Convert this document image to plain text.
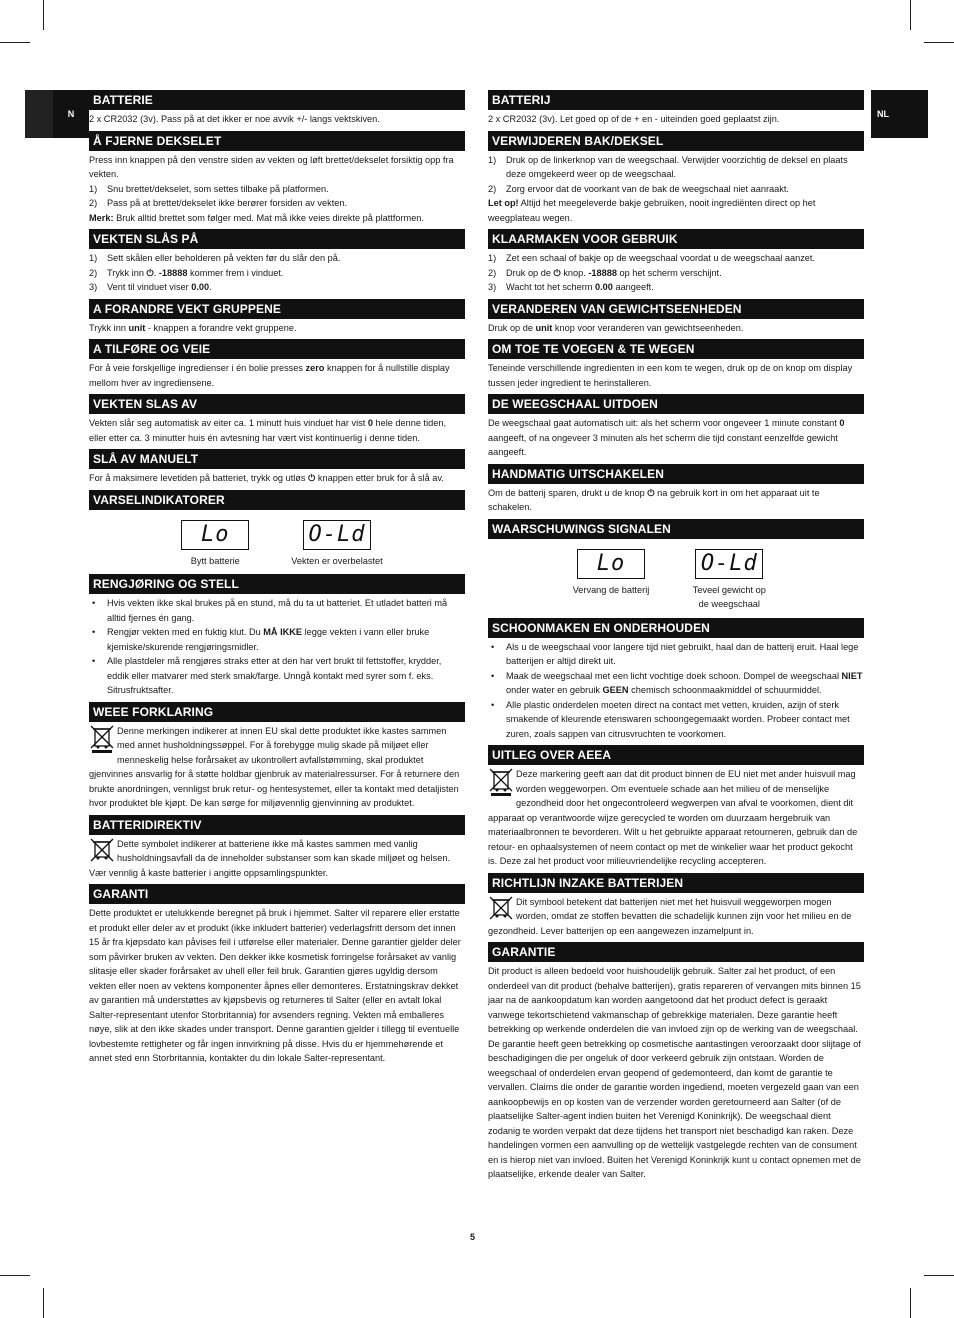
N	NL
BATTERIE

2 x CR2032 (3v). Pass på at det ikker er noe avvik +/- langs vektskiven.

Å FJERNE DEKSELET

Press inn knappen på den venstre siden av vekten og løft brettet/dekselet forsiktig opp fra vekten.

1) Snu brettet/dekselet, som settes tilbake på platformen.
2) Pass på at brettet/dekselet ikke berører forsiden av vekten.

Merk: Bruk alltid brettet som følger med. Mat må ikke veies direkte på plattformen.

VEKTEN SLÅS PÅ
1) Sett skålen eller beholderen på vekten før du slår den på.
2) Trykk inn ⏻. -18888 kommer frem i vinduet.
3) Vent til vinduet viser 0.00.
A FORANDRE VEKT GRUPPENE

Trykk inn unit - knappen a forandre vekt gruppene.

A TILFØRE OG VEIE

For å veie forskjellige ingredienser i én bolie presses zero knappen for å nullstille display mellom hver av ingrediensene.

VEKTEN SLAS AV

Vekten slår seg automatisk av eiter ca. 1 minutt huis vinduet har vist 0 hele denne tiden, eller etter ca. 3 minutter huis én avtesning har vært vist kontinuerlig i denne tiden.

SLÅ AV MANUELT

For å maksimere levetiden på batteriet, trykk og utløs ⏻ knappen etter bruk for å slå av.

VARSELINDIKATORER
Lo
Bytt batterie
O-Ld
Vekten er overbelastet
RENGJØRING OG STELL
• Hvis vekten ikke skal brukes på en stund, må du ta ut batteriet. Et utladet batteri må alltid fjernes én gang.
• Rengjør vekten med en fuktig klut. Du MÅ IKKE legge vekten i vann eller bruke kjemiske/skurende rengjøringsmidler.
• Alle plastdeler må rengjøres straks etter at den har vert brukt til fettstoffer, krydder, eddik eller matvarer med sterk smak/farge. Unngå kontakt med syrer som f. eks. Sitrusfruktsafter.
WEEE FORKLARING

Denne merkingen indikerer at innen EU skal dette produktet ikke kastes sammen med annet husholdningssøppel. For å forebygge mulig skade på miljøet eller menneskelig helse forårsaket av ukontrollert avfallstømming, skal produktet gjenvinnes ansvarlig for å støtte holdbar gjenbruk av materialressurser. For å returnere den brukte anordningen, vennligst bruk retur- og hentesystemet, eller ta kontakt med detaljisten hvor produktet ble kjøpt. De kan sørge for miljøvennlig gjenvinning av produktet.

BATTERIDIREKTIV

Dette symbolet indikerer at batteriene ikke må kastes sammen med vanlig husholdningsavfall da de inneholder substanser som kan skade miljøet og helsen. Vær vennlig å kaste batterier i angitte oppsamlingspunkter.

GARANTI

Dette produktet er utelukkende beregnet på bruk i hjemmet. Salter vil reparere eller erstatte et produkt eller deler av et produkt (ikke inkludert batterier) vederlagsfritt dersom det innen 15 år fra kjøpsdato kan påvises feil i utførelse eller materialer. Denne garantier gjelder deler som påvirker bruken av vekten. Den dekker ikke kosmetisk forringelse forårsaket av vanlig slitasje eller skader forårsaket av uhell eller feil bruk. Garantien gjøres ugyldig dersom vekten eller noen av vektens komponenter åpnes eller demonteres. Erstatningskrav dekket av garantien må understøttes av kjøpsbevis og returneres til Salter (eller en avtalt lokal Salter-representant utenfor Storbritannia) for avsenders regning. Vekten må emballeres nøye, slik at den ikke skades under transport. Denne garantien gjelder i tillegg til eventuelle lovbestemte rettigheter og får ingen innvirkning på disse. Hvis du er hjemmehørende et annet sted enn Storbritannia, kontakter du din lokale Salter-representant.

BATTERIJ

2 x CR2032 (3v). Let goed op of de + en - uiteinden goed geplaatst zijn.

VERWIJDEREN BAK/DEKSEL
1) Druk op de linkerknop van de weegschaal. Verwijder voorzichtig de deksel en plaats deze omgekeerd weer op de weegschaal.
2) Zorg ervoor dat de voorkant van de bak de weegschaal niet aanraakt.

Let op! Altijd het meegeleverde bakje gebruiken, nooit ingrediënten direct op het weegplateau wegen.

KLAARMAKEN VOOR GEBRUIK
1) Zet een schaal of bakje op de weegschaal voordat u de weegschaal aanzet.
2) Druk op de ⏻ knop. -18888 op het scherm verschijnt.
3) Wacht tot het scherm 0.00 aangeeft.
VERANDEREN VAN GEWICHTSEENHEDEN

Druk op de unit knop voor veranderen van gewichtseenheden.

OM TOE TE VOEGEN & TE WEGEN

Teneinde verschillende ingredienten in een kom te wegen, druk op de on knop om display tussen jeder ingredient te herinstalleren.

DE WEEGSCHAAL UITDOEN

De weegschaal gaat automatisch uit: als het scherm voor ongeveer 1 minute constant 0 aangeeft, of na ongeveer 3 minuten als het scherm die tijd constant eenzelfde gewicht aangeeft.

HANDMATIG UITSCHAKELEN

Om de batterij sparen, drukt u de knop ⏻ na gebruik kort in om het apparaat uit te schakelen.

WAARSCHUWINGS SIGNALEN
Lo
Vervang de batterij
O-Ld
Teveel gewicht op de weegschaal
SCHOONMAKEN EN ONDERHOUDEN
• Als u de weegschaal voor langere tijd niet gebruikt, haal dan de batterij eruit. Haal lege batterijen er altijd direkt uit.
• Maak de weegschaal met een licht vochtige doek schoon. Dompel de weegschaal NIET onder water en gebruik GEEN chemisch schoonmaakmiddel of schuurmiddel.
• Alle plastic onderdelen moeten direct na contact met vetten, kruiden, azijn of sterk smakende of kleurende etenswaren schoongegemaakt worden. Probeer contact met zuren, zoals sappen van citrusvruchten te voorkomen.
UITLEG OVER AEEA

Deze markering geeft aan dat dit product binnen de EU niet met ander huisvuil mag worden weggeworpen. Om eventuele schade aan het milieu of de menselijke gezondheid door het ongecontroleerd wegwerpen van afval te voorkomen, dient dit apparaat op verantwoorde wijze gerecycled te worden om duurzaam hergebruik van materiaalbronnen te bevorderen. Wilt u het gebruikte apparaat retourneren, gebruik dan de retour- en ophaalsystemen of neem contact op met de winkelier waar het product gekocht is. Deze zal het product voor milieuvriendelijke recycling accepteren.

RICHTLIJN INZAKE BATTERIJEN

Dit symbool betekent dat batterijen niet met het huisvuil weggeworpen mogen worden, omdat ze stoffen bevatten die schadelijk kunnen zijn voor het milieu en de gezondheid. Lever batterijen op een aangewezen inzamelpunt in.

GARANTIE

Dit product is alleen bedoeld voor huishoudelijk gebruik. Salter zal het product, of een onderdeel van dit product (behalve batterijen), gratis repareren of vervangen mits binnen 15 jaar na de aankoopdatum kan worden aangetoond dat het product defect is geraakt vanwege tekortschietend vakmanschap of gebrekkige materialen. Deze garantie heeft betrekking op werkende onderdelen die van invloed zijn op de werking van de weegschaal. De garantie heeft geen betrekking op cosmetische aantastingen veroorzaakt door slijtage of beschadigingen die per ongeluk of door verkeerd gebruik zijn ontstaan. Worden de weegschaal of onderdelen ervan geopend of gedemonteerd, dan komt de garantie te vervallen. Claims die onder de garantie worden ingediend, moeten vergezeld gaan van een aankoopbewijs en op kosten van de verzender worden geretourneerd aan Salter (of de plaatselijke Salter-agent indien buiten het Verenigd Koninkrijk). De weegschaal dient zodanig te worden verpakt dat deze tijdens het transport niet beschadigd kan raken. Deze handelingen vormen een aanvulling op de wettelijk vastgelegde rechten van de consument en is hierop niet van invloed. Buiten het Verenigd Koninkrijk kunt u contact opnemen met de plaatselijke, erkende dealer van Salter.

5
